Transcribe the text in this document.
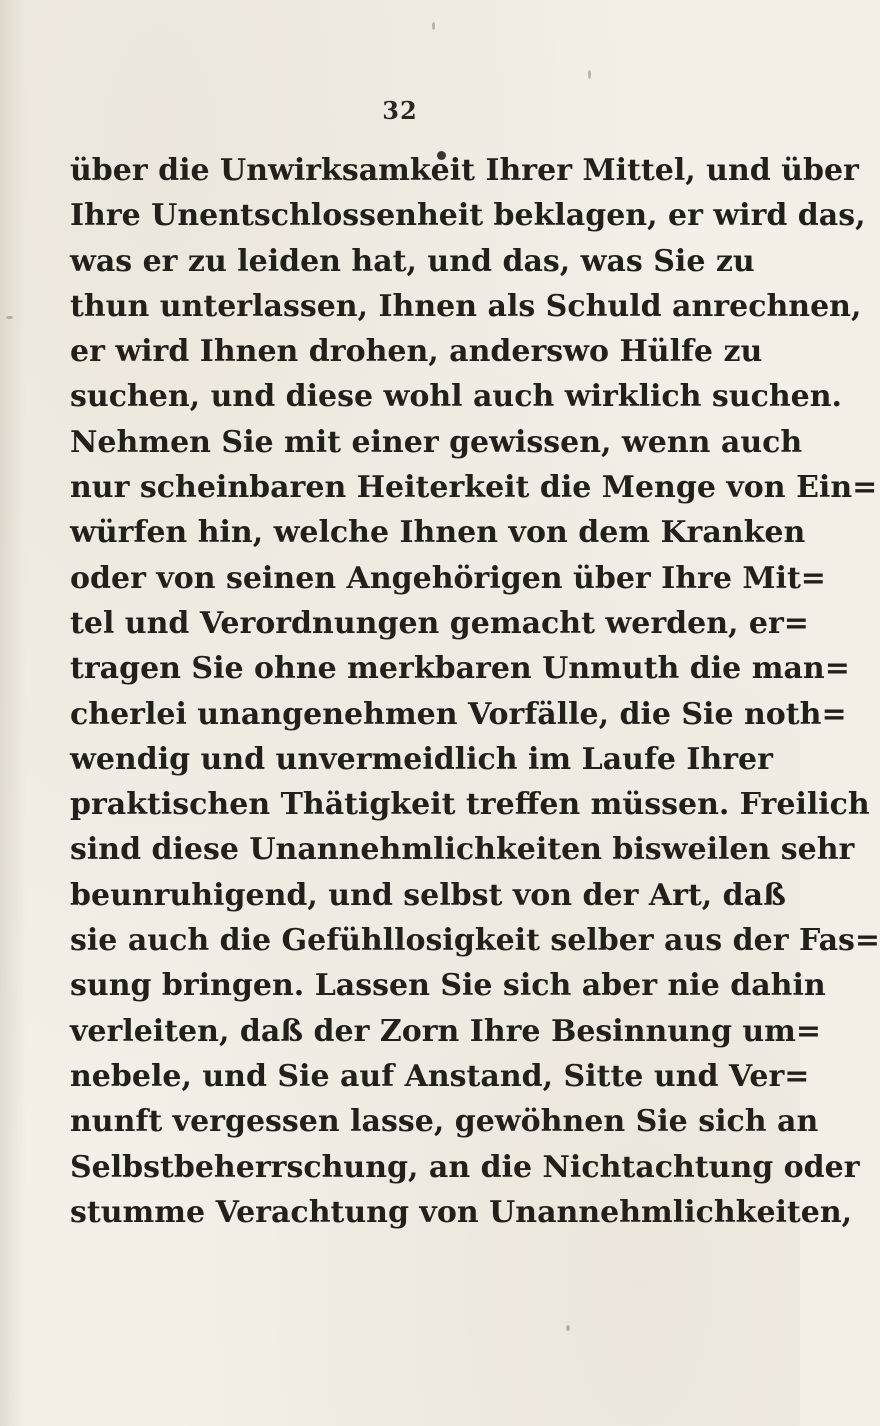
32
über die Unwirksamkeit Ihrer Mittel, und über
Ihre Unentschlossenheit beklagen, er wird das,
was er zu leiden hat, und das, was Sie zu
thun unterlassen, Ihnen als Schuld anrechnen,
er wird Ihnen drohen, anderswo Hülfe zu
suchen, und diese wohl auch wirklich suchen.
Nehmen Sie mit einer gewissen, wenn auch
nur scheinbaren Heiterkeit die Menge von Ein=
würfen hin, welche Ihnen von dem Kranken
oder von seinen Angehörigen über Ihre Mit=
tel und Verordnungen gemacht werden, er=
tragen Sie ohne merkbaren Unmuth die man=
cherlei unangenehmen Vorfälle, die Sie noth=
wendig und unvermeidlich im Laufe Ihrer
praktischen Thätigkeit treffen müssen. Freilich
sind diese Unannehmlichkeiten bisweilen sehr
beunruhigend, und selbst von der Art, daß
sie auch die Gefühllosigkeit selber aus der Fas=
sung bringen. Lassen Sie sich aber nie dahin
verleiten, daß der Zorn Ihre Besinnung um=
nebele, und Sie auf Anstand, Sitte und Ver=
nunft vergessen lasse, gewöhnen Sie sich an
Selbstbeherrschung, an die Nichtachtung oder
stumme Verachtung von Unannehmlichkeiten,
